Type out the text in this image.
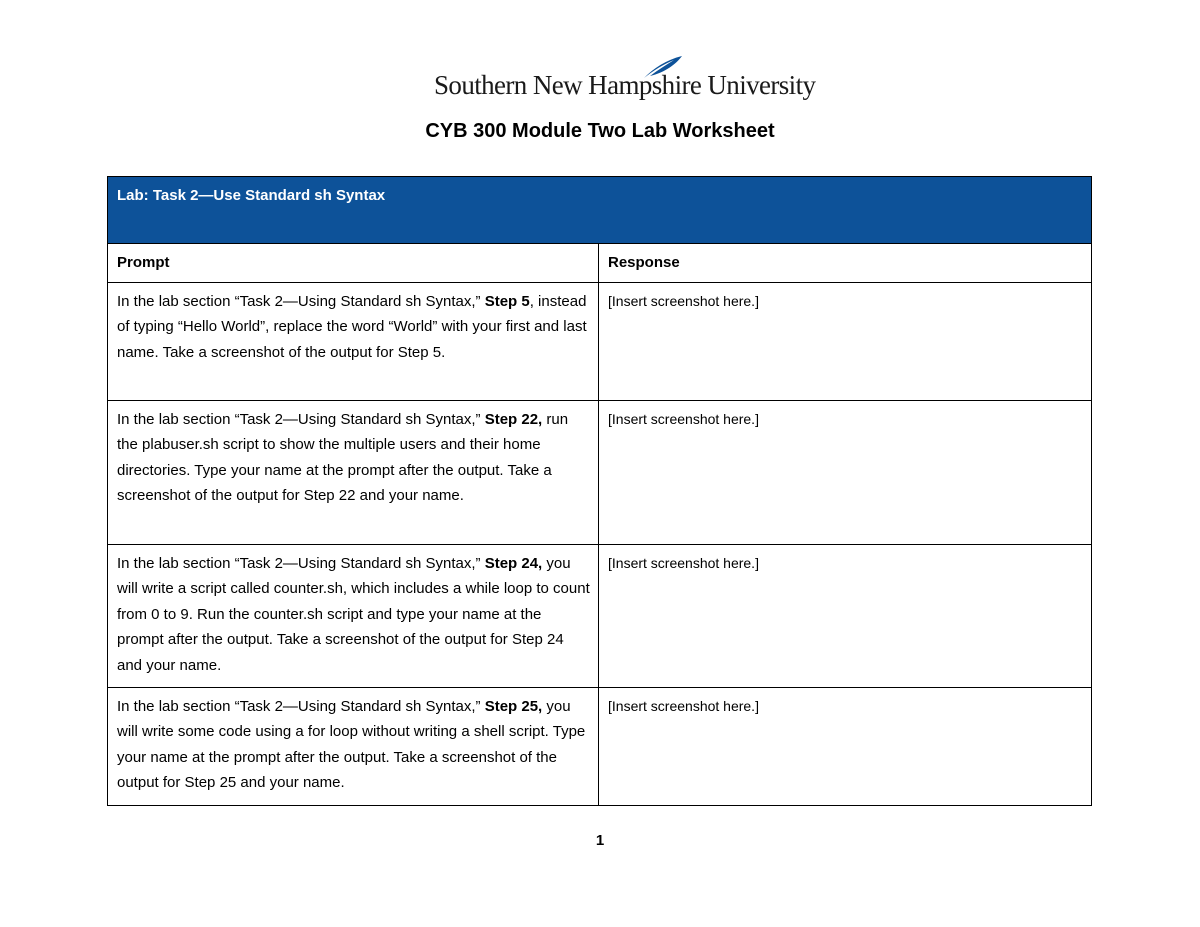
Southern New Hampshire University
CYB 300 Module Two Lab Worksheet
Lab: Task 2—Use Standard sh Syntax	
Prompt	Response
In the lab section “Task 2—Using Standard sh Syntax,” Step 5, instead of typing “Hello World”, replace the word “World” with your first and last name. Take a screenshot of the output for Step 5.	[Insert screenshot here.]
In the lab section “Task 2—Using Standard sh Syntax,” Step 22, run the plabuser.sh script to show the multiple users and their home directories. Type your name at the prompt after the output. Take a screenshot of the output for Step 22 and your name.	[Insert screenshot here.]
In the lab section “Task 2—Using Standard sh Syntax,” Step 24, you will write a script called counter.sh, which includes a while loop to count from 0 to 9. Run the counter.sh script and type your name at the prompt after the output. Take a screenshot of the output for Step 24 and your name.	[Insert screenshot here.]
In the lab section “Task 2—Using Standard sh Syntax,” Step 25, you will write some code using a for loop without writing a shell script. Type your name at the prompt after the output. Take a screenshot of the output for Step 25 and your name.	[Insert screenshot here.]
1
